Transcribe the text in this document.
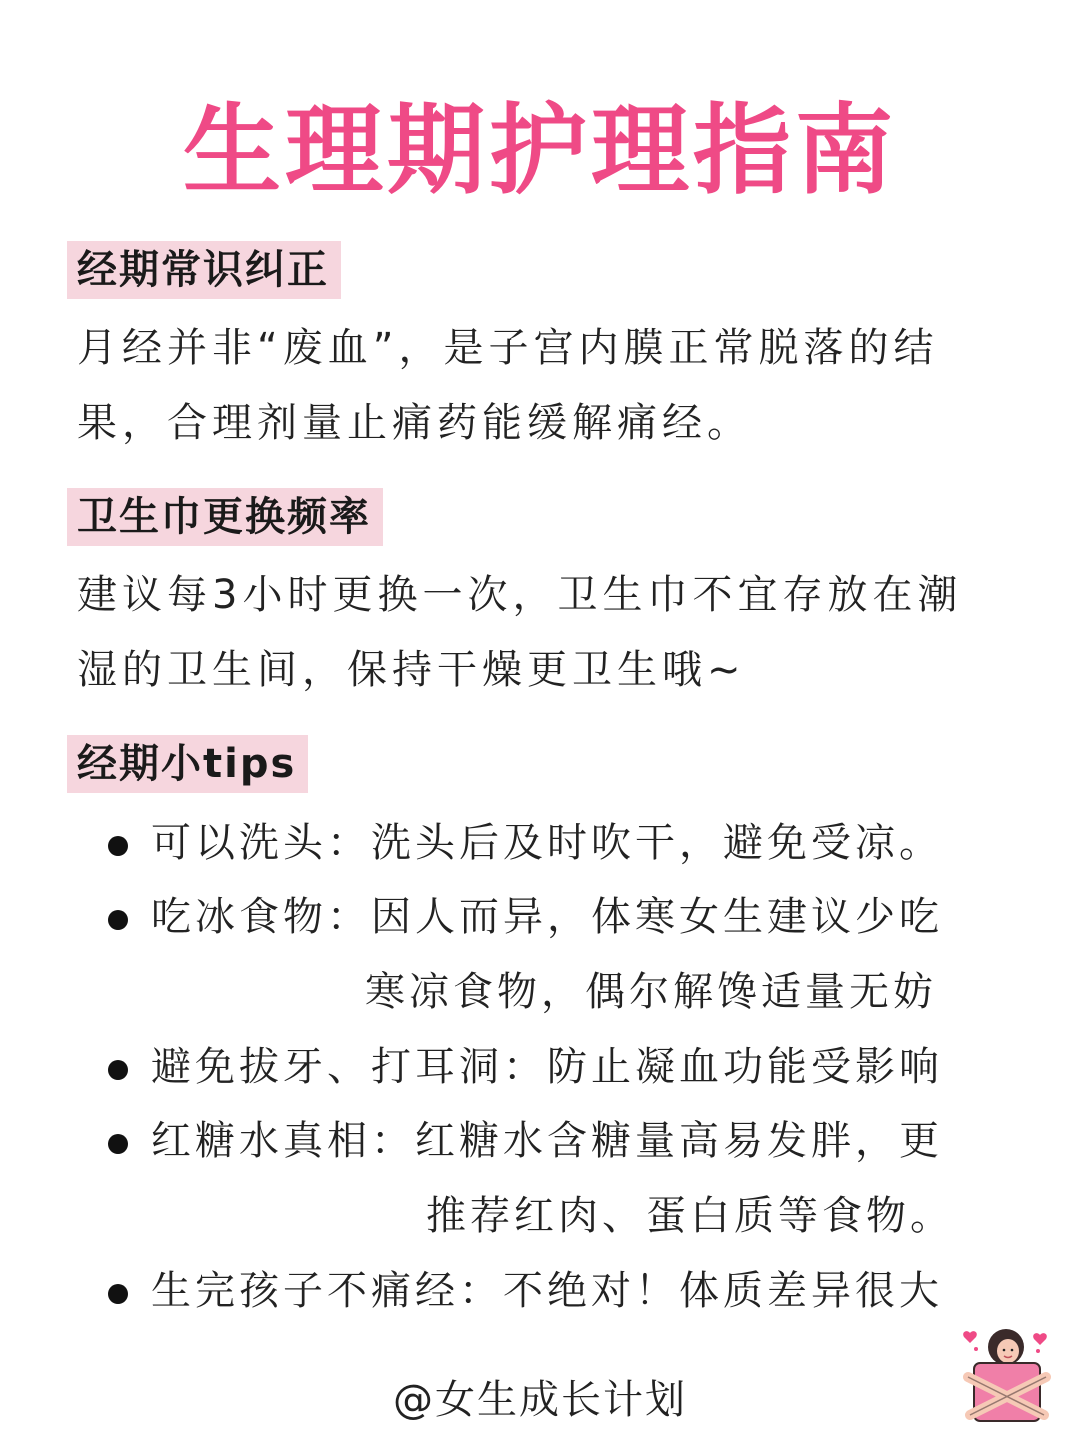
生理期护理指南
经期常识纠正
月经并非“废血”，是子宫内膜正常脱落的结
果，合理剂量止痛药能缓解痛经。
卫生巾更换频率
建议每3小时更换一次，卫生巾不宜存放在潮
湿的卫生间，保持干燥更卫生哦~
经期小tips
可以洗头：洗头后及时吹干，避免受凉。
吃冰食物：因人而异，体寒女生建议少吃
寒凉食物，偶尔解馋适量无妨
避免拔牙、打耳洞：防止凝血功能受影响
红糖水真相：红糖水含糖量高易发胖，更
推荐红肉、蛋白质等食物。
生完孩子不痛经：不绝对！体质差异很大
@女生成长计划
